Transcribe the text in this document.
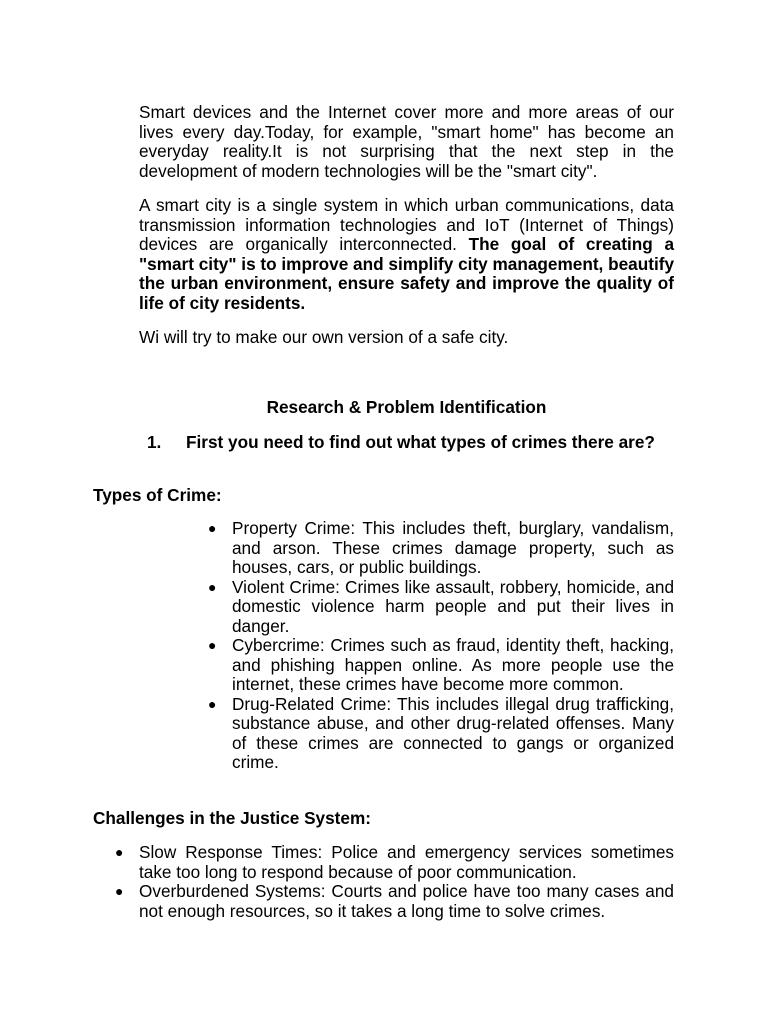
Smart devices and the Internet cover more and more areas of our lives every day.Today, for example, "smart home" has become an everyday reality.It is not surprising that the next step in the development of modern technologies will be the "smart city".

A smart city is a single system in which urban communications, data transmission information technologies and IoT (Internet of Things) devices are organically interconnected. The goal of creating a "smart city" is to improve and simplify city management, beautify the urban environment, ensure safety and improve the quality of life of city residents.

Wi will try to make our own version of a safe city.

Research & Problem Identification

1. First you need to find out what types of crimes there are?

Types of Crime:

● Property Crime: This includes theft, burglary, vandalism, and arson. These crimes damage property, such as houses, cars, or public buildings.
● Violent Crime: Crimes like assault, robbery, homicide, and domestic violence harm people and put their lives in danger.
● Cybercrime: Crimes such as fraud, identity theft, hacking, and phishing happen online. As more people use the internet, these crimes have become more common.
● Drug-Related Crime: This includes illegal drug trafficking, substance abuse, and other drug-related offenses. Many of these crimes are connected to gangs or organized crime.

Challenges in the Justice System:

● Slow Response Times: Police and emergency services sometimes take too long to respond because of poor communication.
● Overburdened Systems: Courts and police have too many cases and not enough resources, so it takes a long time to solve crimes.
